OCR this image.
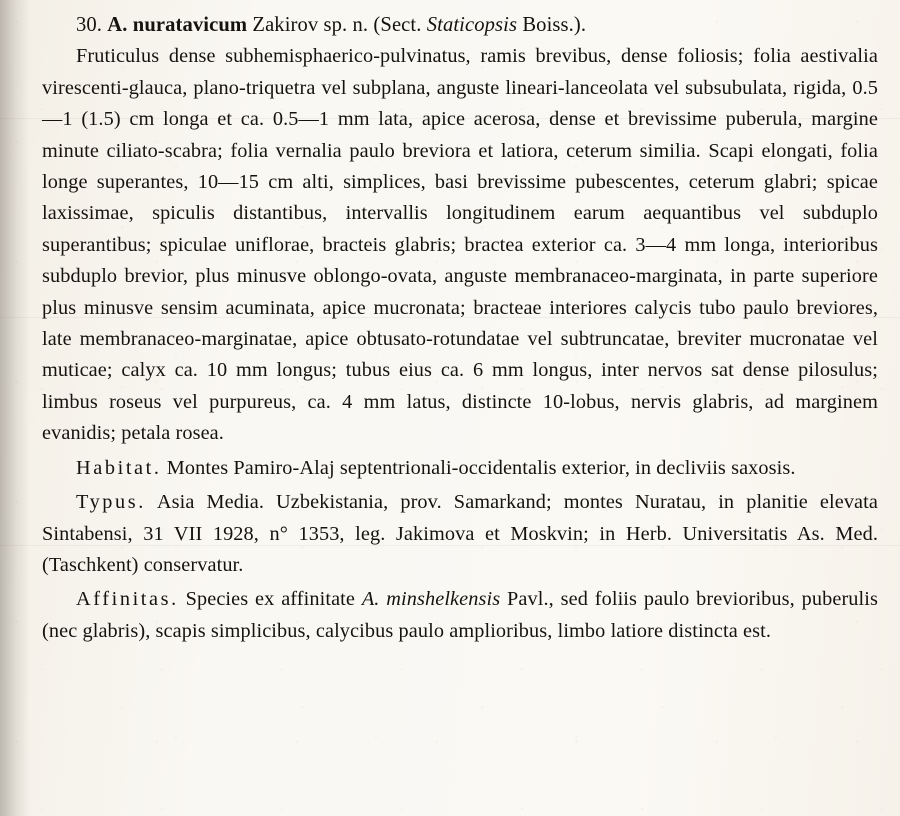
30. A. nuratavicum Zakirov sp. n. (Sect. Staticopsis Boiss.).

Fruticulus dense subhemisphaerico-pulvinatus, ramis brevibus, dense foliosis; folia aestivalia virescenti-glauca, plano-triquetra vel subplana, anguste lineari-lanceolata vel subsubulata, rigida, 0.5—1 (1.5) cm longa et ca. 0.5—1 mm lata, apice acerosa, dense et brevissime puberula, margine minute ciliato-scabra; folia vernalia paulo breviora et latiora, ceterum similia. Scapi elongati, folia longe superantes, 10—15 cm alti, simplices, basi brevissime pubescentes, ceterum glabri; spicae laxissimae, spiculis distantibus, intervallis longitudinem earum aequantibus vel subduplo superantibus; spiculae uniflorae, bracteis glabris; bractea exterior ca. 3—4 mm longa, interioribus subduplo brevior, plus minusve oblongo-ovata, anguste membranaceo-marginata, in parte superiore plus minusve sensim acuminata, apice mucronata; bracteae interiores calycis tubo paulo breviores, late membranaceo-marginatae, apice obtusato-rotundatae vel subtruncatae, breviter mucronatae vel muticae; calyx ca. 10 mm longus; tubus eius ca. 6 mm longus, inter nervos sat dense pilosulus; limbus roseus vel purpureus, ca. 4 mm latus, distincte 10-lobus, nervis glabris, ad marginem evanidis; petala rosea.

Habitat. Montes Pamiro-Alaj septentrionali-occidentalis exterior, in decliviis saxosis.

Typus. Asia Media. Uzbekistania, prov. Samarkand; montes Nuratau, in planitie elevata Sintabensi, 31 VII 1928, n° 1353, leg. Jakimova et Moskvin; in Herb. Universitatis As. Med. (Taschkent) conservatur.

Affinitas. Species ex affinitate A. minshelkensis Pavl., sed foliis paulo brevioribus, puberulis (nec glabris), scapis simplicibus, calycibus paulo amplioribus, limbo latiore distincta est.
